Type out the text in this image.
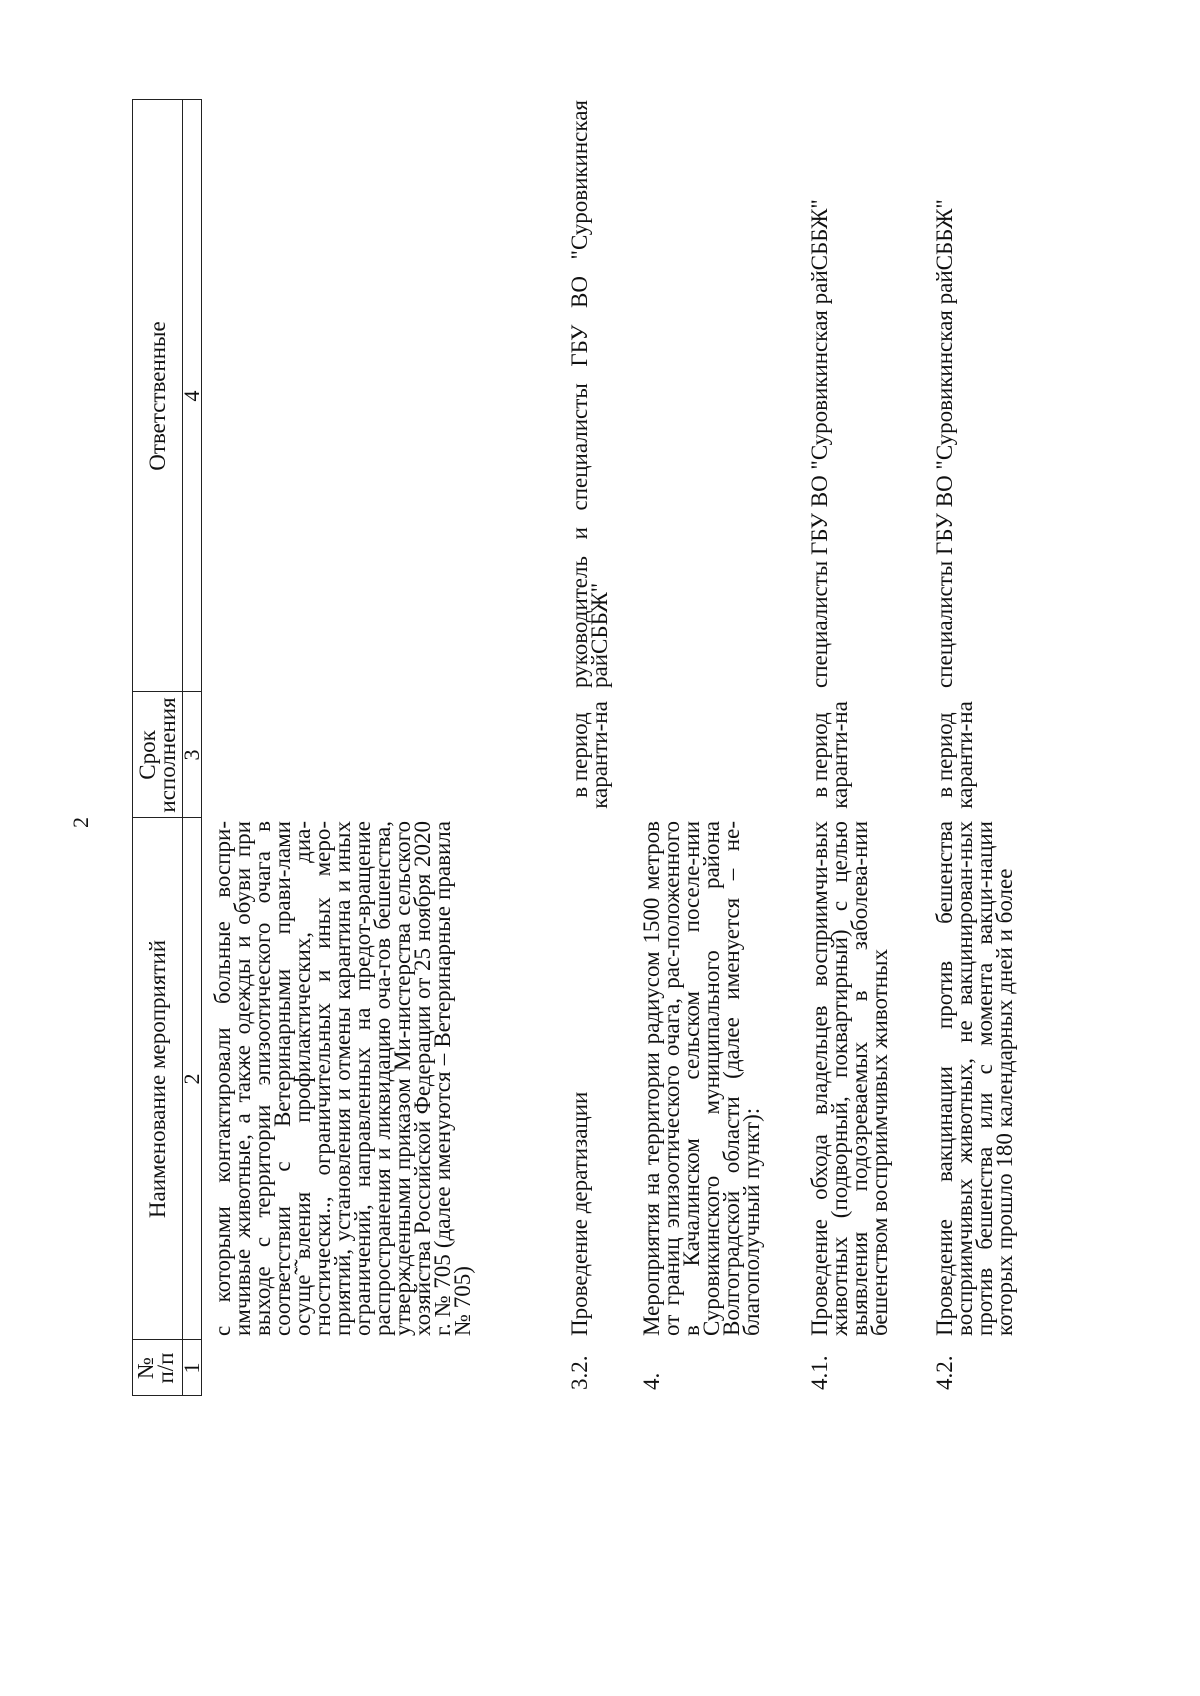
2
№
п/п
Наименование мероприятий
Срок
исполнения
Ответственные
1
2
3
4
с которыми контактировали больные воспри-имчивые животные, а также одежды и обуви при выходе с территории эпизоотического очага в соответствии с Ветеринарными прави-лами осуще˜˜вления профилактических, диа-гностически.., ограничительных и иных меро-приятий, установления и отмены карантина и иных ограничений, направленных на предот-вращение распространения и ликвидацию оча-гов бешенства, утвержденными приказом Ми-нистерства сельского хозяйства Российской Федерации от 25 ноября 2020 г. № 705 (далее именуются – Ветеринарные правила № 705)
3.2.
Проведение дератизации
в период каранти-на
руководитель и специалисты ГБУ ВО "Суровикинская райСББЖ"
4.
Мероприятия на территории радиусом 1500 метров от границ эпизоотического очага, рас-положенного в Качалинском сельском поселе-нии Суровикинского муниципального района Волгоградской области (далее именуется – не-благополучный пункт):
4.1.
Проведение обхода владельцев восприимчи-вых животных (подворный, поквартирный) с целью выявления подозреваемых в заболева-нии бешенством восприимчивых животных
в период каранти-на
специалисты ГБУ ВО "Суровикинская райСББЖ"
4.2.
Проведение вакцинации против бешенства восприимчивых животных, не вакцинирован-ных против бешенства или с момента вакци-нации которых прошло 180 календарных дней и более
в период каранти-на
специалисты ГБУ ВО "Суровикинская райСББЖ"
